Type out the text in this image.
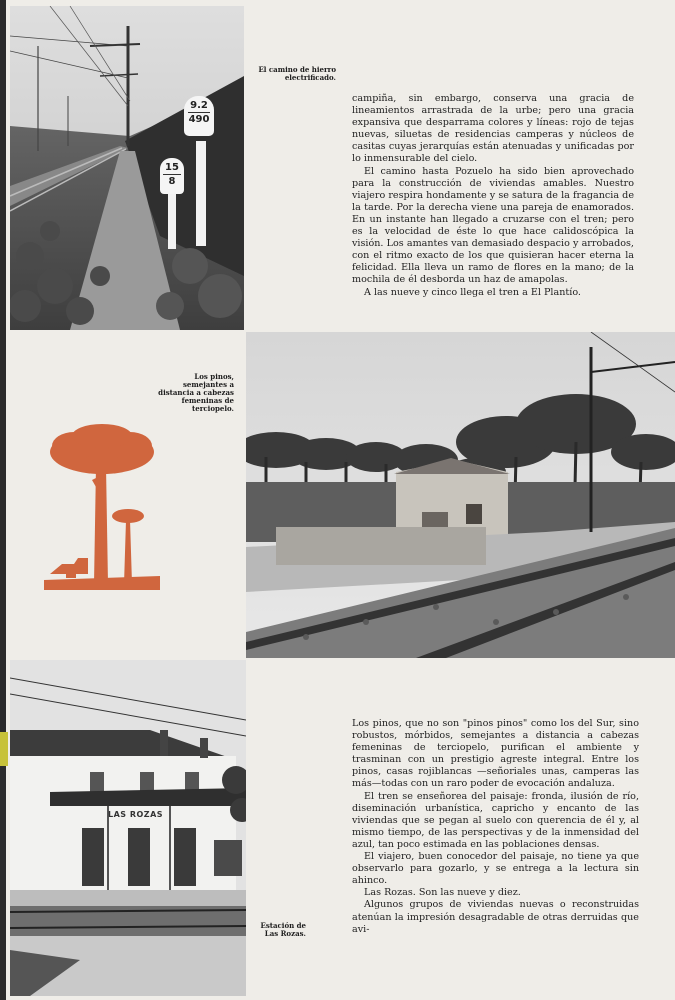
9.2
490
15
8
El camino de hierro electrificado.

campiña, sin embargo, conserva una gracia de lineamientos arrastrada de la urbe; pero una gracia expansiva que desparrama colores y líneas: rojo de tejas nuevas, siluetas de residencias camperas y núcleos de casitas cuyas jerarquías están atenuadas y unificadas por lo inmensurable del cielo.

El camino hasta Pozuelo ha sido bien aprovechado para la construcción de viviendas amables. Nuestro viajero respira hondamente y se satura de la fragancia de la tarde. Por la derecha viene una pareja de enamorados. En un instante han llegado a cruzarse con el tren; pero es la velocidad de éste lo que hace calidoscópica la visión. Los amantes van demasiado despacio y arrobados, con el ritmo exacto de los que quisieran hacer eterna la felicidad. Ella lleva un ramo de flores en la mano; de la mochila de él desborda un haz de amapolas.

A las nueve y cinco llega el tren a El Plantío.

Los pinos, semejantes a distancia a cabezas femeninas de terciopelo.
LAS ROZAS

Los pinos, que no son "pinos pinos" como los del Sur, sino robustos, mórbidos, semejantes a distancia a cabezas femeninas de terciopelo, purifican el ambiente y trasminan con un prestigio agreste integral. Entre los pinos, casas rojiblancas —señoriales unas, camperas las más—todas con un raro poder de evocación andaluza.

El tren se enseñorea del paisaje: fronda, ilusión de río, diseminación urbanística, capricho y encanto de las viviendas que se pegan al suelo con querencia de él y, al mismo tiempo, de las perspectivas y de la inmensidad del azul, tan poco estimada en las poblaciones densas.

El viajero, buen conocedor del paisaje, no tiene ya que observarlo para gozarlo, y se entrega a la lectura sin ahinco.

Las Rozas. Son las nueve y diez.

Algunos grupos de viviendas nuevas o reconstruidas atenúan la impresión desagradable de otras derruidas que avi-

Estación de Las Rozas.
